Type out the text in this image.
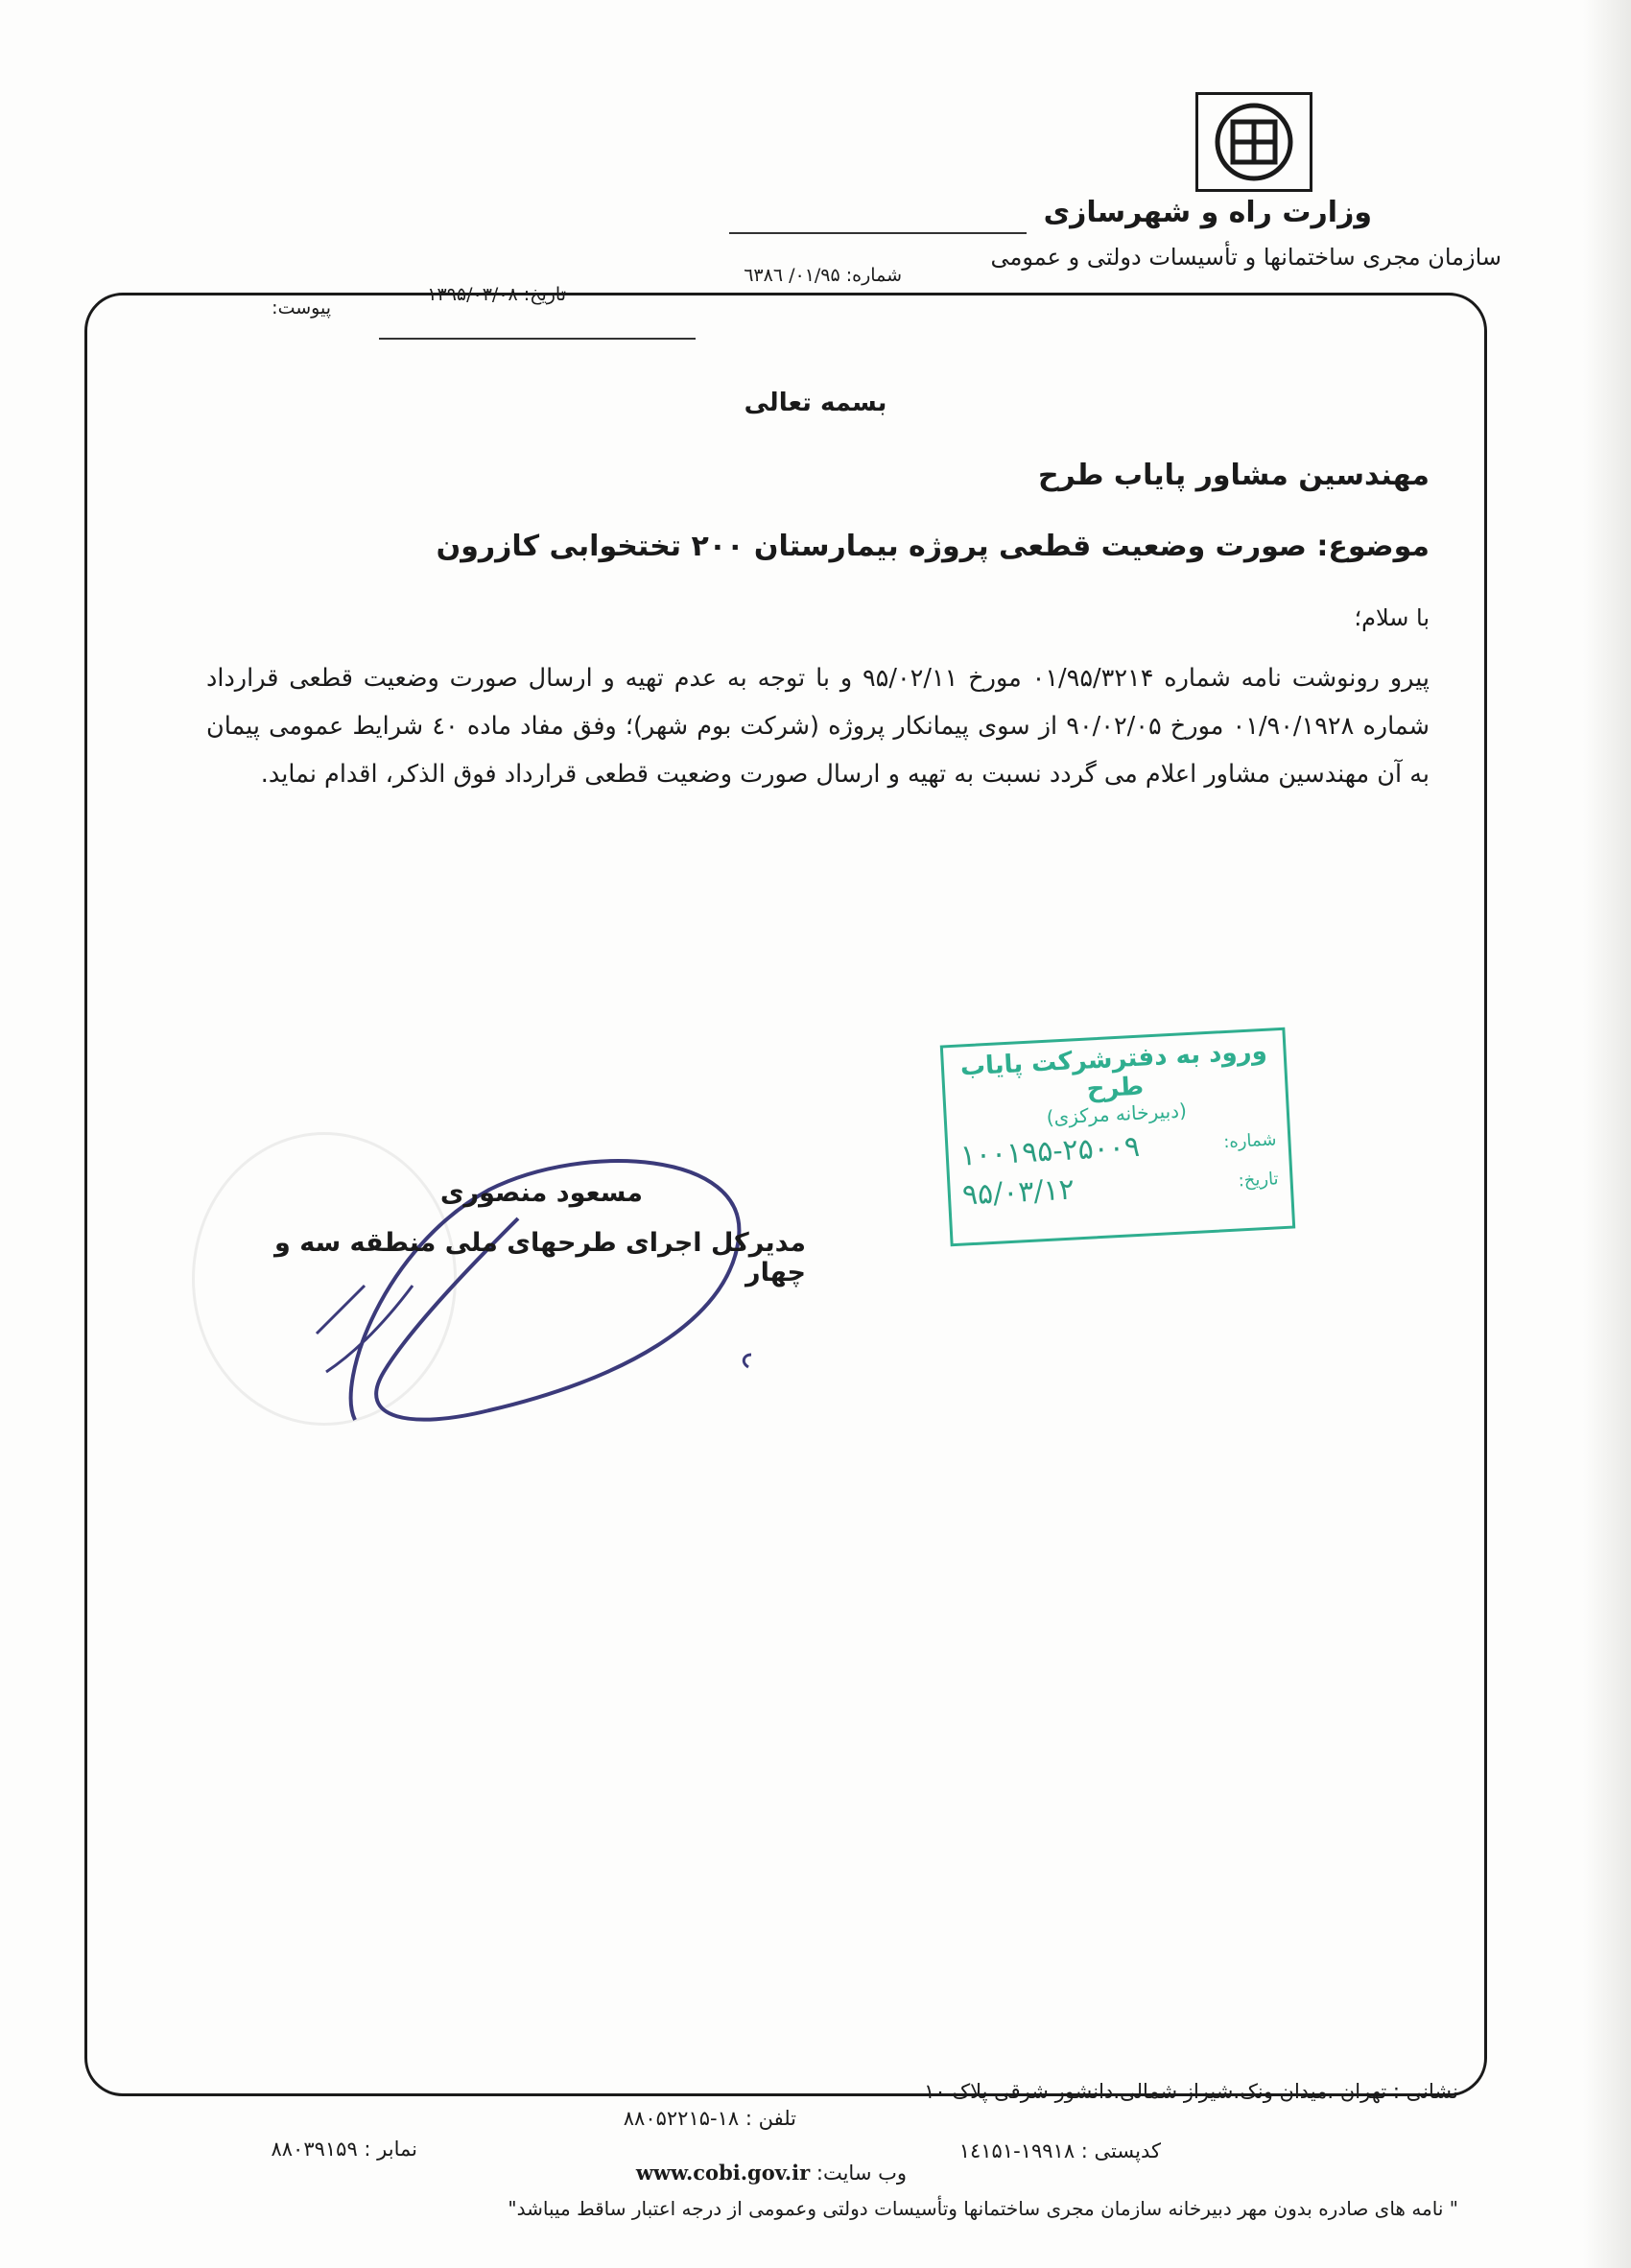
وزارت راه و شهرسازی
سازمان مجری ساختمانها و تأسیسات دولتی و عمومی
شماره: ۰۱/۹۵/ ٦۳۸٦
تاریخ: ۱۳۹۵/۰۳/۰۸
پیوست:
بسمه تعالی
مهندسین مشاور پایاب طرح
موضوع: صورت وضعیت قطعی پروژه بیمارستان ۲۰۰ تختخوابی کازرون
با سلام؛
پیرو رونوشت نامه شماره ۰۱/۹۵/۳۲۱۴ مورخ ۹۵/۰۲/۱۱ و با توجه به عدم تهیه و ارسال صورت وضعیت قطعی قرارداد شماره ۰۱/۹۰/۱۹۲۸ مورخ ۹۰/۰۲/۰۵ از سوی پیمانکار پروژه (شرکت بوم شهر)؛ وفق مفاد ماده ٤۰ شرایط عمومی پیمان به آن مهندسین مشاور اعلام می گردد نسبت به تهیه و ارسال صورت وضعیت قطعی قرارداد فوق الذکر، اقدام نماید.
ورود به دفترشرکت پایاب طرح
(دبیرخانه مرکزی)
شماره:
۱۰۰۱۹۵-۲۵۰۰۹
تاریخ:
۹۵/۰۳/۱۲
مسعود منصوری
مدیرکل اجرای طرحهای ملی منطقه سه و چهار
نشانی : تهران ،میدان ونک،شیراز شمالی،دانشور شرقی پلاک ۱۰
تلفن : ۱۸-۸۸۰۵۲۲۱۵
نمابر : ۸۸۰۳۹۱۵۹	کدپستی : ۱۹۹۱۸-۱٤۱۵۱
وب سایت: www.cobi.gov.ir
" نامه های صادره بدون مهر دبیرخانه سازمان مجری ساختمانها وتأسیسات دولتی وعمومی از درجه اعتبار ساقط میباشد"
